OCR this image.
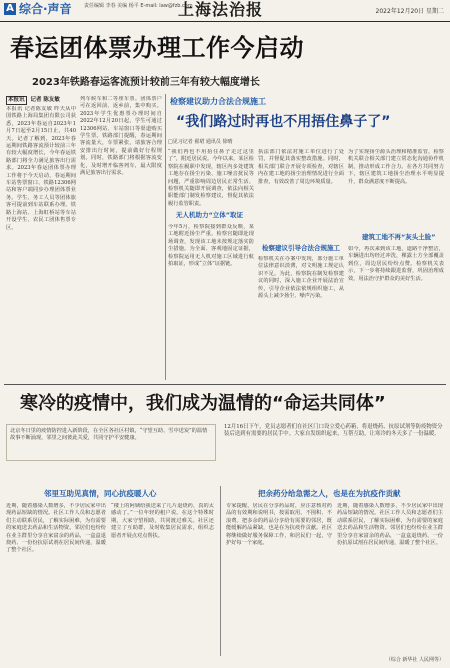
A 综合·声音 责任编辑 李春 美编 杨平 E-mail: law@fzb.com
上海法治报	2022年12月20日 星期二
春运团体票办理工作今启动
2023年铁路春运客流预计较前三年有较大幅度增长
本报讯 记者 陈友敏
本报讯 记者陈友敏 昨天从中国铁路上海局集团有限公司获悉，2023年春运自2023年1月7日起至2月15日止，共40天。记者了解到，2023年春运期间铁路客流预计较前三年有较大幅度增长，今年春运铁路部门将全力满足旅客出行需求。2023年春运团体票办理工作将于今天启动，春运期间车站售票窗口、铁路12306网站和客户端同步办理团体票业务。学生、务工人员等团体旅客可提前到车站联系办理。铁路上海站、上海虹桥站等车站开设学生、农民工团体售票专区。
列车候车和二等座车票。团体票户可在返回前、返乡前，集中购买。2023年学生优惠票办理时间自2022年12月20日起，学生可通过12306网站、车站窗口等渠道购买学生票。铁路部门提醒，春运期间客流量大，车票紧张，请旅客合理安排出行时间，提前做好行程规划。同时，铁路部门将根据客流变化，及时增开临客列车，最大限度满足旅客出行需求。
检察建议助力合法合规施工
“我们路过时再也不用捂住鼻子了”
□见习记者 翟珺 通讯员 徐晴
“我们再也不用捂住鼻子走过这里了”，附近居民说。今年以来，某区检察院在履职中发现，辖区内多处建筑工地存在扬尘污染、施工噪音扰民等问题，严重影响周边居民正常生活。检察机关随即开展调查，依法向相关职能部门制发检察建议，督促其依法履行监管职责。
无人机助力“立体”取证
今年5月，检察院接到群众反映，某工地附近扬尘严重。检察官随即赴现场调查，发现该工地未按规定落实防尘措施。为全面、客观地固定证据，检察院运用无人机对施工区域进行航拍取证，形成“立体”证据链。
执法部门依法对施工单位进行了处罚，并督促其落实整改措施。同时，相关部门联合开展专项检查，对辖区内在建工地的扬尘治理情况进行全面排查，有效改善了周边环境质量。
检察建议引导合法合规施工
检察机关在办案中发现，部分施工单位法律意识淡薄，对文明施工规定认识不足。为此，检察院在制发检察建议的同时，深入施工企业开展法治宣传，引导企业依法依规组织施工，从源头上减少扬尘、噪声污染。
为了实现扬尘源头治理和精准监管，检察机关联合相关部门建立常态化沟通协作机制，推动形成工作合力。在各方共同努力下，辖区建筑工地扬尘治理水平明显提升，群众满意度不断提高。
建筑工地不再“灰头土脸”
如今，再次来到该工地，道路干净整洁，车辆进出均经过冲洗，裸露土方全部覆盖到位，周边居民纷纷点赞。检察机关表示，下一步将持续跟进监督，巩固治理成效，用法治守护群众的美好生活。
寒冷的疫情中，我们成为温情的“命运共同体”
北京冬日里的疫情防控进入新阶段，在全区各社区村镇，“守望互助、雪中送炭”的温情故事不断涌现，邻里之间彼此关爱，共同守护平安健康。
12月16日下午，党员志愿者们在社区门口设立爱心药箱，将退烧药、抗原试剂等防疫物资分装后送到有需要的居民手中。大家自发组织起来，互帮互助，让寒冷的冬天多了一份温暖。
邻里互助见真情，同心抗疫暖人心	把余药分给急需之人，也是在为抗疫作贡献
近期，随着感染人数增多，不少居民家中出现药品短缺的情况。社区工作人员和志愿者们主动联系居民，了解实际困难，为有需要的家庭送去药品和生活物资。邻居们也纷纷在业主群里分享自家富余的药品，一盒盒退烧药、一份份抗原试剂在居民间传递，温暖了整个社区。
“楼上的阿姨给我送来了几片退烧药，真的太感动了。”一位年轻的租户说。在这个特殊时期，大家守望相助，共同渡过难关。社区还建立了互助群，及时收集居民需求，组织志愿者开展点对点帮扶。
专家提醒，居民在分享药品时，应注意核对药品的有效期和说明书，按需取用，不囤积、不浪费。把多余的药品分享给有需要的邻居，既能缓解药品紧缺，也是在为抗疫作贡献。社区将继续做好服务保障工作，和居民们一起，守护好每一个家庭。
近期，随着感染人数增多，不少居民家中出现药品短缺的情况。社区工作人员和志愿者们主动联系居民，了解实际困难，为有需要的家庭送去药品和生活物资。邻居们也纷纷在业主群里分享自家富余的药品，一盒盒退烧药、一份份抗原试剂在居民间传递，温暖了整个社区。
（综合 新华社 人民网等）
